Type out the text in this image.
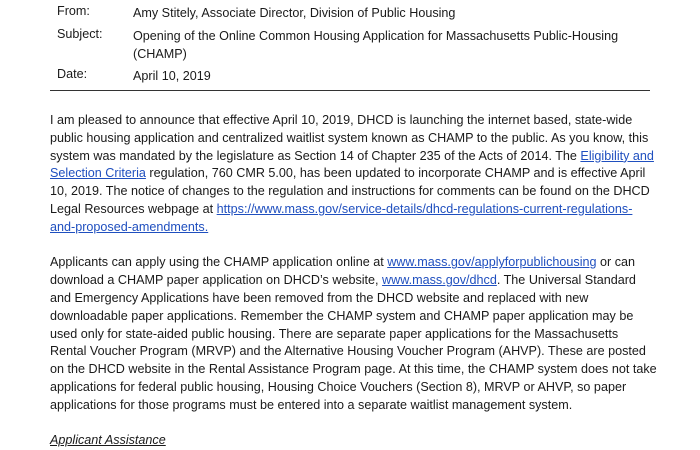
From:	Amy Stitely, Associate Director, Division of Public Housing
Subject: Opening of the Online Common Housing Application for Massachusetts Public-Housing (CHAMP)
Date:	April 10, 2019

I am pleased to announce that effective April 10, 2019, DHCD is launching the internet based, state-wide public housing application and centralized waitlist system known as CHAMP to the public. As you know, this system was mandated by the legislature as Section 14 of Chapter 235 of the Acts of 2014. The Eligibility and Selection Criteria regulation, 760 CMR 5.00, has been updated to incorporate CHAMP and is effective April 10, 2019. The notice of changes to the regulation and instructions for comments can be found on the DHCD Legal Resources webpage at https://www.mass.gov/service-details/dhcd-regulations-current-regulations-and-proposed-amendments.

Applicants can apply using the CHAMP application online at www.mass.gov/applyforpublichousing or can download a CHAMP paper application on DHCD’s website, www.mass.gov/dhcd. The Universal Standard and Emergency Applications have been removed from the DHCD website and replaced with new downloadable paper applications. Remember the CHAMP system and CHAMP paper application may be used only for state-aided public housing. There are separate paper applications for the Massachusetts Rental Voucher Program (MRVP) and the Alternative Housing Voucher Program (AHVP). These are posted on the DHCD website in the Rental Assistance Program page. At this time, the CHAMP system does not take applications for federal public housing, Housing Choice Vouchers (Section 8), MRVP or AHVP, so paper applications for those programs must be entered into a separate waitlist management system.

Applicant Assistance
